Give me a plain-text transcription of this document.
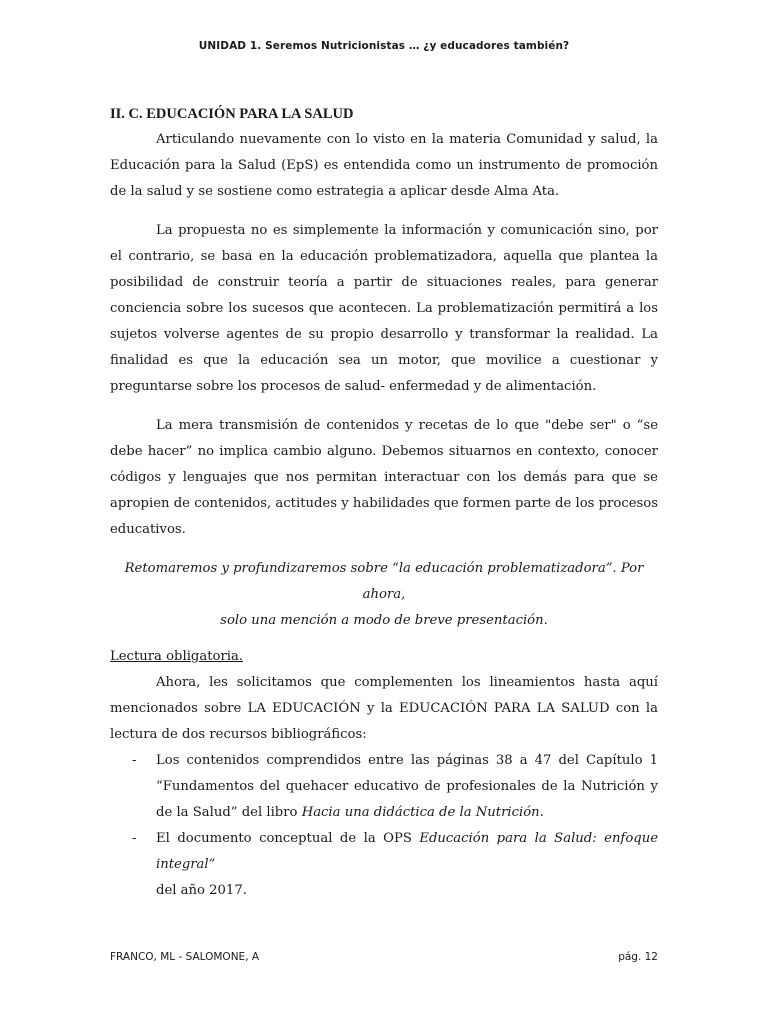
UNIDAD 1. Seremos Nutricionistas … ¿y educadores también?

II. C. EDUCACIÓN PARA LA SALUD

Articulando nuevamente con lo visto en la materia Comunidad y salud, la Educación para la Salud (EpS) es entendida como un instrumento de promoción de la salud y se sostiene como estrategia a aplicar desde Alma Ata.

La propuesta no es simplemente la información y comunicación sino, por el contrario, se basa en la educación problematizadora, aquella que plantea la posibilidad de construir teoría a partir de situaciones reales, para generar conciencia sobre los sucesos que acontecen. La problematización permitirá a los sujetos volverse agentes de su propio desarrollo y transformar la realidad. La finalidad es que la educación sea un motor, que movilice a cuestionar y preguntarse sobre los procesos de salud- enfermedad y de alimentación.

La mera transmisión de contenidos y recetas de lo que "debe ser" o “se debe hacer” no implica cambio alguno. Debemos situarnos en contexto, conocer códigos y lenguajes que nos permitan interactuar con los demás para que se apropien de contenidos, actitudes y habilidades que formen parte de los procesos educativos.

Retomaremos y profundizaremos sobre “la educación problematizadora”. Por ahora,
solo una mención a modo de breve presentación.

Lectura obligatoria.

Ahora, les solicitamos que complementen los lineamientos hasta aquí mencionados sobre LA EDUCACIÓN y la EDUCACIÓN PARA LA SALUD con la lectura de dos recursos bibliográficos:

- Los contenidos comprendidos entre las páginas 38 a 47 del Capítulo 1 “Fundamentos del quehacer educativo de profesionales de la Nutrición y de la Salud” del libro Hacia una didáctica de la Nutrición.
- El documento conceptual de la OPS Educación para la Salud: enfoque integral”
del año 2017.
FRANCO, ML - SALOMONE, A	pág. 12
